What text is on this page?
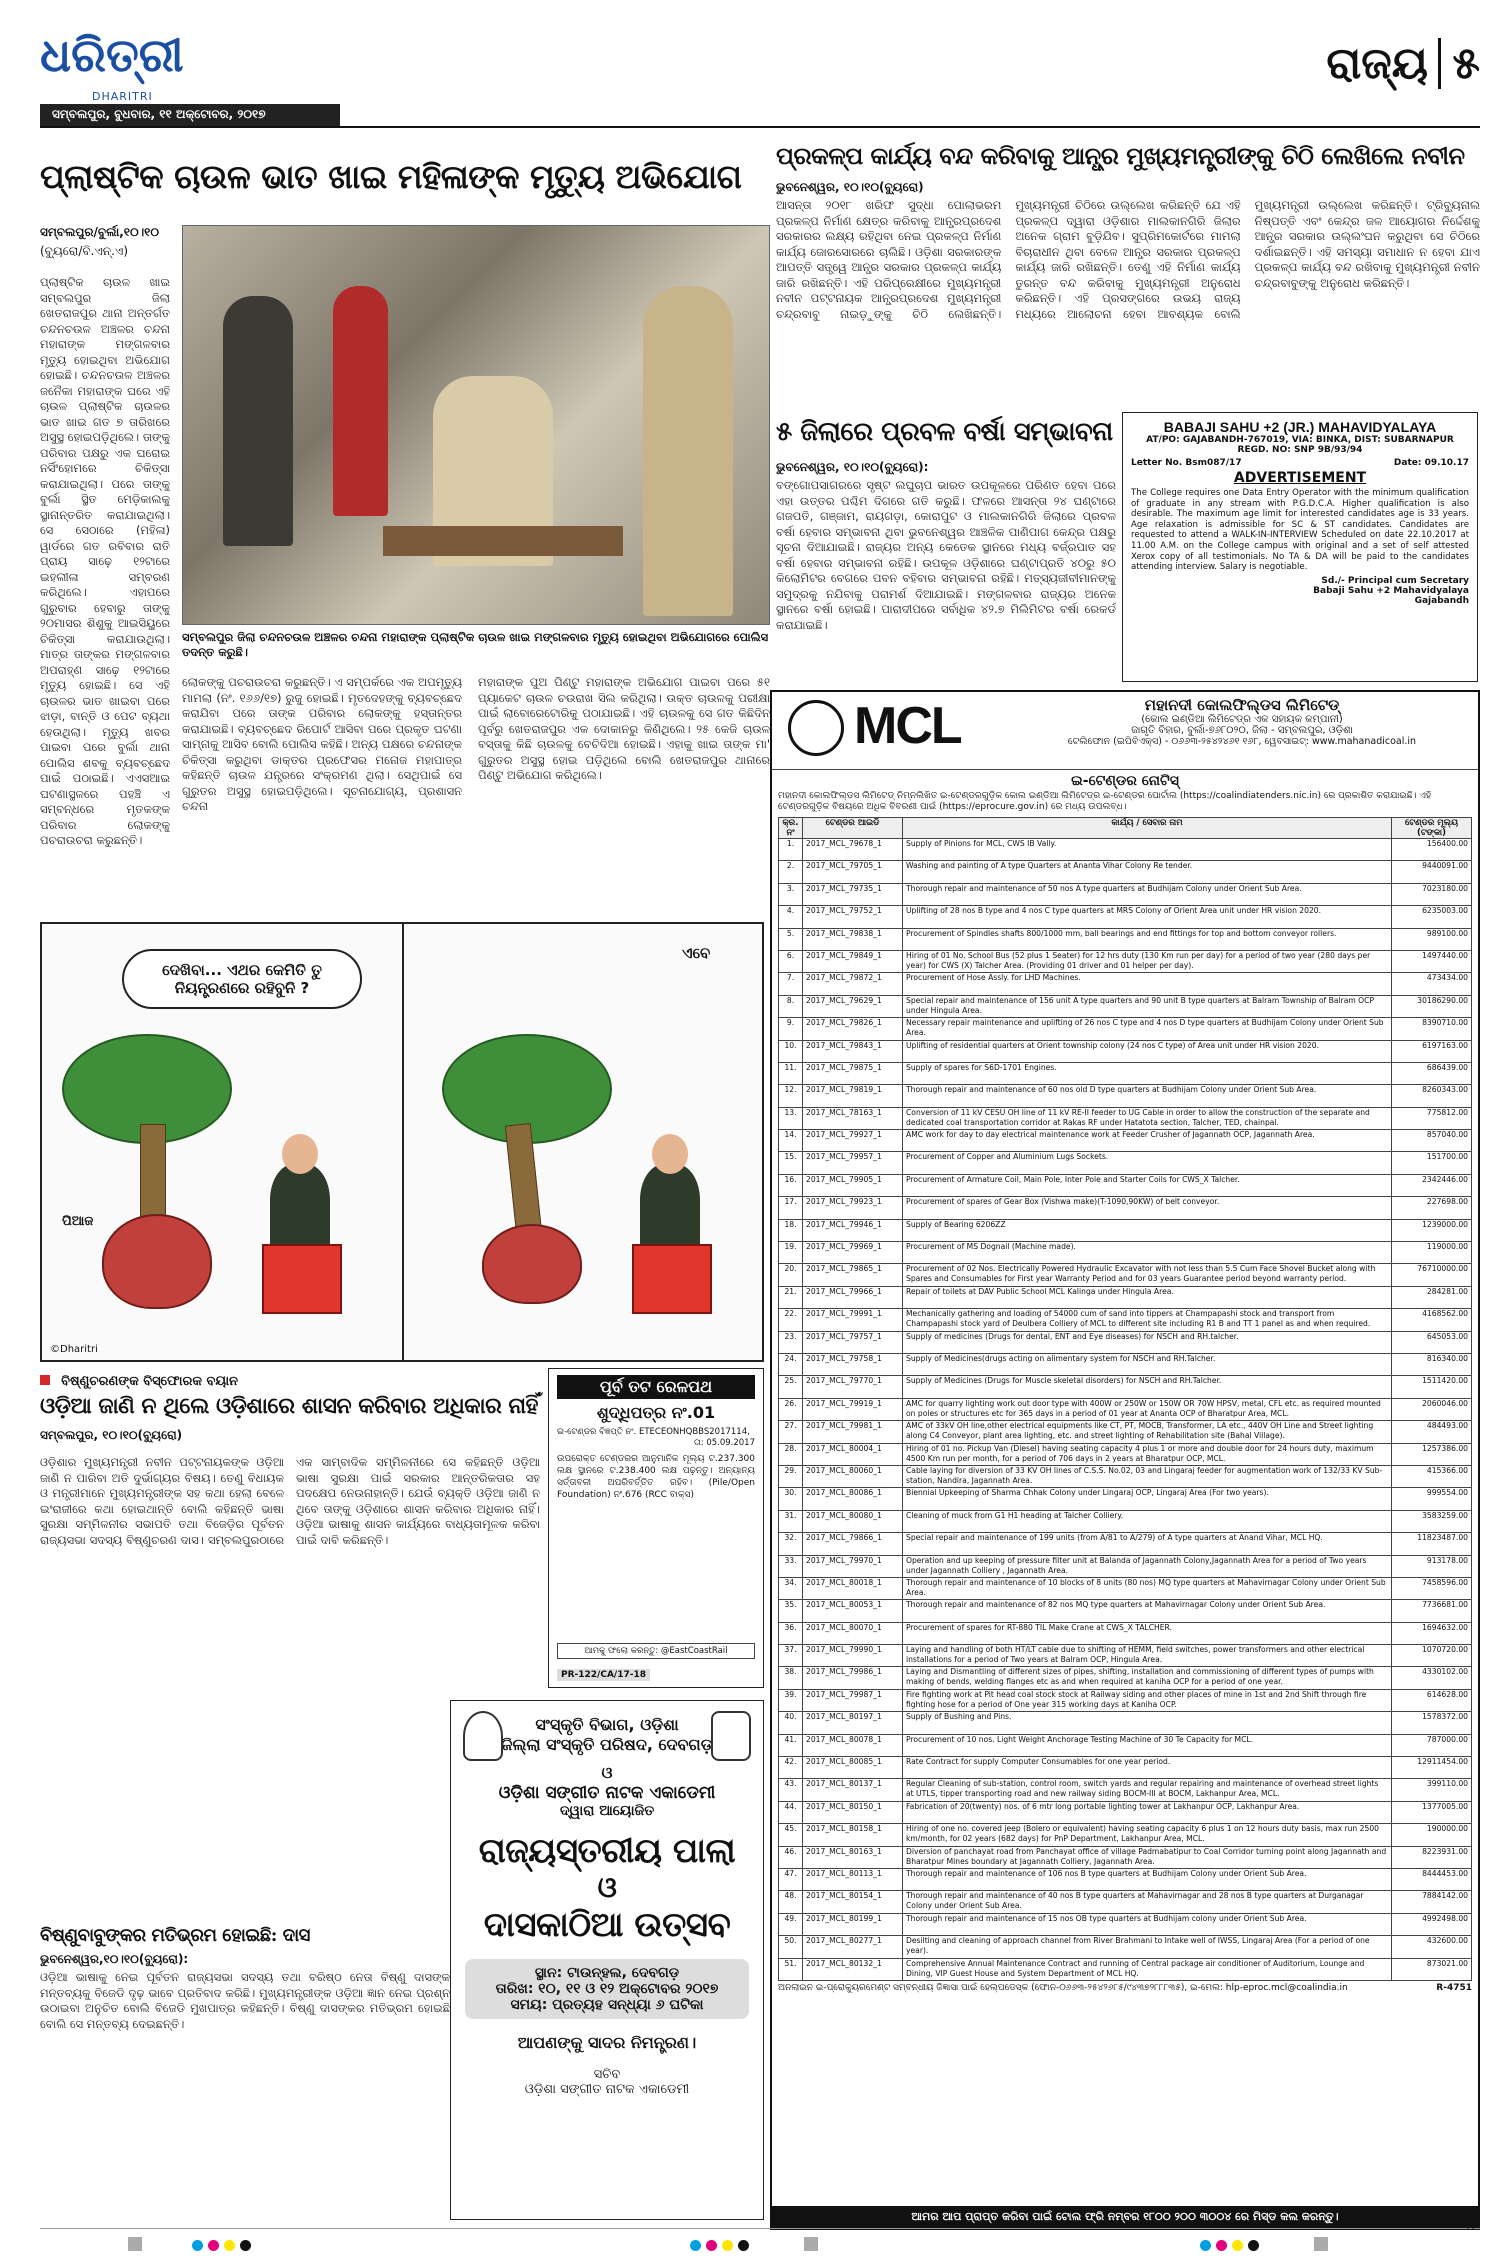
ଧରିତ୍ରୀ
DHARITRI
ସମ୍ବଲପୁର, ବୁଧବାର, ୧୧ ଅକ୍ଟୋବର, ୨୦୧୭
ରାଜ୍ୟ ୫
ପ୍ଲାଷ୍ଟିକ ଚାଉଳ ଭାତ ଖାଇ ମହିଳାଙ୍କ ମୃତ୍ୟୁ ଅଭିଯୋଗ
ସମ୍ବଲପୁର/ବୁର୍ଲା,୧୦।୧୦
(ବ୍ୟୁରୋ/ବି.ଏନ୍.ଏ)
ପ୍ଲାଷ୍ଟିକ ଚାଉଳ ଖାଇ ସମ୍ବଲପୁର ଜିଲା ଖେତରାଜପୁର ଥାନା ଅନ୍ତର୍ଗତ ଚନ୍ଦନଚଉଳ ଅଞ୍ଚଳର ଚନ୍ଦନା ମହାରାଙ୍କ ମଙ୍ଗଳବାର ମୃତ୍ୟୁ ହୋଇଥିବା ଅଭିଯୋଗ ହୋଇଛି। ଚନ୍ଦନଚଉଳ ଅଞ୍ଚଳର ଜନୈକା ମହାରାଙ୍କ ଘରେ ଏହି ଚାଉଳ ପ୍ଲାଷ୍ଟିକ ଚାଉଳର ଭାତ ଖାଇ ଗତ ୭ ତାରିଖରେ ଅସୁସ୍ଥ ହୋଇପଡ଼ିଥିଲେ। ତାଙ୍କୁ ପରିବାର ପକ୍ଷରୁ ଏକ ଘରୋଇ ନର୍ସିଂହୋମରେ ଚିକିତ୍ସା କରାଯାଇଥିଲା। ପରେ ତାଙ୍କୁ ବୁର୍ଲା ସ୍ଥିତ ମେଡ଼ିକାଲକୁ ସ୍ଥାନାନ୍ତରିତ କରାଯାଇଥିଲା। ସେ ସେଠାରେ (ମହିଳା) ୱାର୍ଡରେ ଗତ ରବିବାର ରାତି ପ୍ରାୟ ସାଢ଼େ ୧୨ଟାରେ ଇହଲୀଳା ସମ୍ବରଣ କରିଥିଲେ। ଏହାପରେ ଗୁରୁବାର ହେବାରୁ ତାଙ୍କୁ ୨୦ମାସର ଶିଶୁକୁ ଆଇସିୟୁରେ ଚିକିତ୍ସା କରାଯାଉଥିଲା। ମାତ୍ର ତାଙ୍କର ମଙ୍ଗଳବାର ଅପରାହ୍ଣ ସାଢ଼େ ୧୨ଟାରେ ମୃତ୍ୟୁ ହୋଇଛି। ସେ ଏହି ଚାଉଳର ଭାତ ଖାଇବା ପରେ ଝାଡ଼ା, ବାନ୍ତି ଓ ପେଟ ବ୍ୟଥା ହେଉଥିଲା। ମୃତ୍ୟୁ ଖବର ପାଇବା ପରେ ବୁର୍ଲା ଥାନା ପୋଲିସ ଶବକୁ ବ୍ୟବଚ୍ଛେଦ ପାଇଁ ପଠାଇଛି। ଏଏସଆଇ ଘଟଣାସ୍ଥଳରେ ପହଞ୍ଚି ଏ ସମ୍ବନ୍ଧରେ ମୃତକଙ୍କ ପରିବାର ଲୋକଙ୍କୁ ପଚରାଉଚରା କରୁଛନ୍ତି।
ସମ୍ବଲପୁର ଜିଲା ଚନ୍ଦନଚଉଳ ଅଞ୍ଚଳର ଚନ୍ଦନା ମହାରାଙ୍କ ପ୍ଲାଷ୍ଟିକ ଚାଉଳ ଖାଇ ମଙ୍ଗଳବାର ମୃତ୍ୟୁ ହୋଇଥିବା ଅଭିଯୋଗରେ ପୋଲିସ ତଦନ୍ତ କରୁଛି।
ଲୋକଙ୍କୁ ପଚରାଉଚରା କରୁଛନ୍ତି। ଏ ସମ୍ପର୍କରେ ଏକ ଅପମୃତ୍ୟୁ ମାମଲା (ନଂ. ୧୬୬/୧୭) ରୁଜୁ ହୋଇଛି। ମୃତଦେହଙ୍କୁ ବ୍ୟବଚ୍ଛେଦ କରାଯିବା ପରେ ତାଙ୍କ ପରିବାର ଲୋକଙ୍କୁ ହସ୍ତାନ୍ତର କରାଯାଇଛି। ବ୍ୟବଚ୍ଛେଦ ରିପୋର୍ଟ ଆସିବା ପରେ ପ୍ରକୃତ ଘଟଣା ସାମ୍ନାକୁ ଆସିବ ବୋଲି ପୋଲିସ କହିଛି। ଅନ୍ୟ ପକ୍ଷରେ ଚନ୍ଦନାଙ୍କ ଚିକିତ୍ସା କରୁଥିବା ଡାକ୍ତର ପ୍ରଫେସର ମନୋଜ ମହାପାତ୍ର କହିଛନ୍ତି ଚାଉଳ ଯନ୍ତ୍ରରେ ସଂକ୍ରମଣ ଥିଲା। ସେଥିପାଇଁ ସେ ଗୁରୁତର ଅସୁସ୍ଥ ହୋଇପଡ଼ିଥିଲେ। ସୂଚନାଯୋଗ୍ୟ, ପ୍ରଶାସନ ଚନ୍ଦନା
ମହାରାଙ୍କ ପୁଅ ପିଣ୍ଟୁ ମହାରାଙ୍କ ଅଭିଯୋଗ ପାଇବା ପରେ ୫୧ ପ୍ୟାକେଟ ଚାଉଳ ଚଉରାଖ ସିଲ କରିଥିଲା। ଉକ୍ତ ଚାଉଳକୁ ପରୀକ୍ଷା ପାଇଁ ଲାବୋରେଟୋରିକୁ ପଠାଯାଇଛି। ଏହି ଚାଉଳକୁ ସେ ଗତ କିଛିଦିନ ପୂର୍ବରୁ ଖେତରାଜପୁର ଏକ ଦୋକାନରୁ କିଣିଥିଲେ। ୨୫ କେଜି ଚାଉଳ ବସ୍ତାକୁ କିଛି ଚାଉଳକୁ ବେଚିଦିଆ ହୋଇଛି। ଏହାକୁ ଖାଇ ତାଙ୍କ ମା' ଗୁରୁତର ଅସୁସ୍ଥ ହୋଇ ପଡ଼ିଥିଲେ ବୋଲି ଖେତରାଜପୁର ଥାନାରେ ପିଣ୍ଟୁ ଅଭିଯୋଗ କରିଥିଲେ।
ପ୍ରକଳ୍ପ କାର୍ଯ୍ୟ ବନ୍ଦ କରିବାକୁ ଆନ୍ଧ୍ର ମୁଖ୍ୟମନ୍ତ୍ରୀଙ୍କୁ ଚିଠି ଲେଖିଲେ ନବୀନ
ଭୁବନେଶ୍ୱର, ୧୦।୧୦(ବ୍ୟୁରୋ)
ଆସନ୍ତା ୨୦୧୮ ଖରିଫ ସୁଦ୍ଧା ପୋଲାଭରମ ପ୍ରକଳ୍ପ ନିର୍ମାଣ କ୍ଷେତ୍ର କରିବାକୁ ଆନ୍ଧ୍ରପ୍ରଦେଶ ସରକାରର ଲକ୍ଷ୍ୟ ରହିଥିବା ନେଇ ପ୍ରକଳ୍ପ ନିର୍ମାଣ କାର୍ଯ୍ୟ ଜୋରସୋରରେ ଚାଲିଛି। ଓଡ଼ିଶା ସରକାରଙ୍କ ଆପତ୍ତି ସତ୍ତ୍ୱେ ଆନ୍ଧ୍ର ସରକାର ପ୍ରକଳ୍ପ କାର୍ଯ୍ୟ ଜାରି ରଖିଛନ୍ତି। ଏହି ପରିପ୍ରେକ୍ଷୀରେ ମୁଖ୍ୟମନ୍ତ୍ରୀ ନବୀନ ପଟ୍ଟନାୟକ ଆନ୍ଧ୍ରପ୍ରଦେଶ ମୁଖ୍ୟମନ୍ତ୍ରୀ ଚନ୍ଦ୍ରବାବୁ ନାଇଡ଼ୁଙ୍କୁ ଚିଠି ଲେଖିଛନ୍ତି। ମୁଖ୍ୟମନ୍ତ୍ରୀ ଚିଠିରେ ଉଲ୍ଲେଖ କରିଛନ୍ତି ଯେ ଏହି ପ୍ରକଳ୍ପ ଦ୍ୱାରା ଓଡ଼ିଶାର ମାଲକାନଗିରି ଜିଲାର ଅନେକ ଗ୍ରାମ ବୁଡ଼ିଯିବ। ସୁପ୍ରିମକୋର୍ଟରେ ମାମଲା ବିଚାରାଧୀନ ଥିବା ବେଳେ ଆନ୍ଧ୍ର ସରକାର ପ୍ରକଳ୍ପ କାର୍ଯ୍ୟ ଜାରି ରଖିଛନ୍ତି। ତେଣୁ ଏହି ନିର୍ମାଣ କାର୍ଯ୍ୟ ତୁରନ୍ତ ବନ୍ଦ କରିବାକୁ ମୁଖ୍ୟମନ୍ତ୍ରୀ ଅନୁରୋଧ କରିଛନ୍ତି। ଏହି ପ୍ରସଙ୍ଗରେ ଉଭୟ ରାଜ୍ୟ ମଧ୍ୟରେ ଆଲୋଚନା ହେବା ଆବଶ୍ୟକ ବୋଲି ମୁଖ୍ୟମନ୍ତ୍ରୀ ଉଲ୍ଲେଖ କରିଛନ୍ତି। ଟ୍ରିବ୍ୟୁନାଲ ନିଷ୍ପତ୍ତି ଏବଂ କେନ୍ଦ୍ର ଜଳ ଆୟୋଗର ନିର୍ଦ୍ଦେଶକୁ ଆନ୍ଧ୍ର ସରକାର ଉଲ୍ଲଂଘନ କରୁଥିବା ସେ ଚିଠିରେ ଦର୍ଶାଇଛନ୍ତି। ଏହି ସମସ୍ୟା ସମାଧାନ ନ ହେବା ଯାଏ ପ୍ରକଳ୍ପ କାର୍ଯ୍ୟ ବନ୍ଦ ରଖିବାକୁ ମୁଖ୍ୟମନ୍ତ୍ରୀ ନବୀନ ଚନ୍ଦ୍ରବାବୁଙ୍କୁ ଅନୁରୋଧ କରିଛନ୍ତି।
୫ ଜିଲାରେ ପ୍ରବଳ ବର୍ଷା ସମ୍ଭାବନା
ଭୁବନେଶ୍ୱର, ୧୦।୧୦(ବ୍ୟୁରୋ):
ବଙ୍ଗୋପସାଗରରେ ସୃଷ୍ଟ ଲଘୁଚାପ ଭାରତ ଉପକୂଳରେ ପରିଣତ ହେବା ପରେ ଏହା ଉତ୍ତର ପଶ୍ଚିମ ଦିଗରେ ଗତି କରୁଛି। ଫଳରେ ଆସନ୍ତା ୨୪ ଘଣ୍ଟାରେ ଗଜପତି, ଗଞ୍ଜାମ, ରାୟଗଡ଼ା, କୋରାପୁଟ ଓ ମାଲକାନଗିରି ଜିଲାରେ ପ୍ରବଳ ବର୍ଷା ହେବାର ସମ୍ଭାବନା ଥିବା ଭୁବନେଶ୍ୱର ଆଞ୍ଚଳିକ ପାଣିପାଗ କେନ୍ଦ୍ର ପକ୍ଷରୁ ସୂଚନା ଦିଆଯାଇଛି। ରାଜ୍ୟର ଅନ୍ୟ କେତେକ ସ୍ଥାନରେ ମଧ୍ୟ ବର୍ଜ୍ରପାତ ସହ ବର୍ଷା ହେବାର ସମ୍ଭାବନା ରହିଛି। ଉପକୂଳ ଓଡ଼ିଶାରେ ଘଣ୍ଟାପ୍ରତି ୪୦ରୁ ୫୦ କିଲୋମିଟର ବେଗରେ ପବନ ବହିବାର ସମ୍ଭାବନା ରହିଛି। ମତ୍ସ୍ୟଜୀବୀମାନଙ୍କୁ ସମୁଦ୍ରକୁ ନଯିବାକୁ ପରାମର୍ଶ ଦିଆଯାଇଛି। ମଙ୍ଗଳବାର ରାଜ୍ୟର ଅନେକ ସ୍ଥାନରେ ବର୍ଷା ହୋଇଛି। ପାରାଦୀପରେ ସର୍ବାଧିକ ୪୨.୭ ମିଲିମିଟର ବର୍ଷା ରେକର୍ଡ କରାଯାଇଛି।
BABAJI SAHU +2 (JR.) MAHAVIDYALAYA
AT/PO: GAJABANDH-767019, VIA: BINKA, DIST: SUBARNAPUR
REGD. NO: SNP 9B/93/94
Letter No. Bsm087/17	Date: 09.10.17
ADVERTISEMENT
The College requires one Data Entry Operator with the minimum qualification of graduate in any stream with P.G.D.C.A. Higher qualification is also desirable. The maximum age limit for interested candidates age is 33 years. Age relaxation is admissible for SC & ST candidates. Candidates are requested to attend a WALK-IN-INTERVIEW Scheduled on date 22.10.2017 at 11.00 A.M. on the College campus with original and a set of self attested Xerox copy of all testimonials. No TA & DA will be paid to the candidates attending interview. Salary is negotiable.
Sd./- Principal cum Secretary
Babaji Sahu +2 Mahavidyalaya
Gajabandh
MCL	ମହାନଦୀ କୋଲଫିଲ୍ଡସ ଲିମିଟେଡ୍
(କୋଲ ଇଣ୍ଡିଆ ଲିମିଟେଡ୍‌ର ଏକ ସହାୟକ କମ୍ପାନୀ)
ଜାଗୃତି ବିହାର, ବୁର୍ଲା-୭୬୮୦୨୦, ଜିଲା - ସମ୍ବଲପୁର, ଓଡ଼ିଶା
ଟେଲିଫୋନ (ଇପିବିଏକ୍ସ) - ୦୬୬୩-୨୫୪୨୪୬୧ ୧୬୮, ୱେବସାଇଟ୍: www.mahanadicoal.in
ଇ-ଟେଣ୍ଡର ନୋଟିସ୍
ମହାନଦୀ କୋଲଫିଲ୍ଡସ ଲିମିଟେଡ୍ ନିମ୍ନଲିଖିତ ଇ-ଟେଣ୍ଡରଗୁଡ଼ିକ କୋଲ ଇଣ୍ଡିଆ ଲିମିଟେଡ୍‌ର ଇ-ଟେଣ୍ଡର ପୋର୍ଟାଲ (https://coalindiatenders.nic.in) ରେ ପ୍ରକାଶିତ କରାଯାଇଛି। ଏହି ଟେଣ୍ଡରଗୁଡ଼ିକ ବିଷୟରେ ଅଧିକ ବିବରଣୀ ପାଇଁ (https://eprocure.gov.in) ରେ ମଧ୍ୟ ଉପଲବ୍ଧ।
କ୍ର. ନଂ	ଟେଣ୍ଡର ଆଇଡି	କାର୍ଯ୍ୟ / ସେବାର ନାମ	ଟେଣ୍ଡର ମୂଲ୍ୟ (ଟଙ୍କା)
1.	2017_MCL_79678_1	Supply of Pinions for MCL, CWS IB Vally.	156400.00
2.	2017_MCL_79705_1	Washing and painting of A type Quarters at Ananta Vihar Colony Re tender.	9440091.00
3.	2017_MCL_79735_1	Thorough repair and maintenance of 50 nos A type quarters at Budhijam Colony under Orient Sub Area.	7023180.00
4.	2017_MCL_79752_1	Uplifting of 28 nos B type and 4 nos C type quarters at MRS Colony of Orient Area unit under HR vision 2020.	6235003.00
5.	2017_MCL_79838_1	Procurement of Spindles shafts 800/1000 mm, ball bearings and end fittings for top and bottom conveyor rollers.	989100.00
6.	2017_MCL_79849_1	Hiring of 01 No. School Bus (52 plus 1 Seater) for 12 hrs duty (130 Km run per day) for a period of two year (280 days per year) for CWS (X) Talcher Area. (Providing 01 driver and 01 helper per day).	1497440.00
7.	2017_MCL_79872_1	Procurement of Hose Assly. for LHD Machines.	473434.00
8.	2017_MCL_79629_1	Special repair and maintenance of 156 unit A type quarters and 90 unit B type quarters at Balram Township of Balram OCP under Hingula Area.	30186290.00
9.	2017_MCL_79826_1	Necessary repair maintenance and uplifting of 26 nos C type and 4 nos D type quarters at Budhijam Colony under Orient Sub Area.	8390710.00
10.	2017_MCL_79843_1	Uplifting of residential quarters at Orient township colony (24 nos C type) of Area unit under HR vision 2020.	6197163.00
11.	2017_MCL_79875_1	Supply of spares for S6D-1701 Engines.	686439.00
12.	2017_MCL_79819_1	Thorough repair and maintenance of 60 nos old D type quarters at Budhijam Colony under Orient Sub Area.	8260343.00
13.	2017_MCL_78163_1	Conversion of 11 kV CESU OH line of 11 kV RE-II feeder to UG Cable in order to allow the construction of the separate and dedicated coal transportation corridor at Rakas RF under Hatatota section, Talcher, TED, chainpal.	775812.00
14.	2017_MCL_79927_1	AMC work for day to day electrical maintenance work at Feeder Crusher of Jagannath OCP, Jagannath Area.	857040.00
15.	2017_MCL_79957_1	Procurement of Copper and Aluminium Lugs Sockets.	151700.00
16.	2017_MCL_79905_1	Procurement of Armature Coil, Main Pole, Inter Pole and Starter Coils for CWS_X Talcher.	2342446.00
17.	2017_MCL_79923_1	Procurement of spares of Gear Box (Vishwa make)(T-1090,90KW) of belt conveyor.	227698.00
18.	2017_MCL_79946_1	Supply of Bearing 6206ZZ	1239000.00
19.	2017_MCL_79969_1	Procurement of MS Dognail (Machine made).	119000.00
20.	2017_MCL_79865_1	Procurement of 02 Nos. Electrically Powered Hydraulic Excavator with not less than 5.5 Cum Face Shovel Bucket along with Spares and Consumables for First year Warranty Period and for 03 years Guarantee period beyond warranty period.	76710000.00
21.	2017_MCL_79966_1	Repair of toilets at DAV Public School MCL Kalinga under Hingula Area.	284281.00
22.	2017_MCL_79991_1	Mechanically gathering and loading of 54000 cum of sand into tippers at Champapashi stock and transport from Champapashi stock yard of Deulbera Colliery of MCL to different site including R1 B and TT 1 panel as and when required.	4168562.00
23.	2017_MCL_79757_1	Supply of medicines (Drugs for dental, ENT and Eye diseases) for NSCH and RH.talcher.	645053.00
24.	2017_MCL_79758_1	Supply of Medicines(drugs acting on alimentary system for NSCH and RH.Talcher.	816340.00
25.	2017_MCL_79770_1	Supply of Medicines (Drugs for Muscle skeletal disorders) for NSCH and RH.Talcher.	1511420.00
26.	2017_MCL_79919_1	AMC for quarry lighting work out door type with 400W or 250W or 150W OR 70W HPSV, metal, CFL etc. as required mounted on poles or structures etc for 365 days in a period of 01 year at Ananta OCP of Bharatpur Area, MCL.	2060046.00
27.	2017_MCL_79981_1	AMC of 33kV OH line,other electrical equipments like CT, PT, MOCB, Transformer, LA etc., 440V OH Line and Street lighting along C4 Conveyor, plant area lighting, etc. and street lighting of Rehabilitation site (Bahal Village).	484493.00
28.	2017_MCL_80004_1	Hiring of 01 no. Pickup Van (Diesel) having seating capacity 4 plus 1 or more and double door for 24 hours duty, maximum 4500 Km run per month, for a period of 706 days in 2 years at Bharatpur OCP, MCL.	1257386.00
29.	2017_MCL_80060_1	Cable laying for diversion of 33 KV OH lines of C.S.S. No.02, 03 and Lingaraj feeder for augmentation work of 132/33 KV Sub-station, Nandira, Jagannath Area.	415366.00
30.	2017_MCL_80086_1	Biennial Upkeeping of Sharma Chhak Colony under Lingaraj OCP, Lingaraj Area (For two years).	999554.00
31.	2017_MCL_80080_1	Cleaning of muck from G1 H1 heading at Talcher Colliery.	3583259.00
32.	2017_MCL_79866_1	Special repair and maintenance of 199 units (from A/81 to A/279) of A type quarters at Anand Vihar, MCL HQ.	11823487.00
33.	2017_MCL_79970_1	Operation and up keeping of pressure filter unit at Balanda of Jagannath Colony,Jagannath Area for a period of Two years under Jagannath Colliery , Jagannath Area.	913178.00
34.	2017_MCL_80018_1	Thorough repair and maintenance of 10 blocks of 8 units (80 nos) MQ type quarters at Mahavirnagar Colony under Orient Sub Area.	7458596.00
35.	2017_MCL_80053_1	Thorough repair and maintenance of 82 nos MQ type quarters at Mahavirnagar Colony under Orient Sub Area.	7736681.00
36.	2017_MCL_80070_1	Procurement of spares for RT-880 TIL Make Crane at CWS_X TALCHER.	1694632.00
37.	2017_MCL_79990_1	Laying and handling of both HT/LT cable due to shifting of HEMM, field switches, power transformers and other electrical installations for a period of Two years at Balram OCP, Hingula Area.	1070720.00
38.	2017_MCL_79986_1	Laying and Dismantling of different sizes of pipes, shifting, installation and commissioning of different types of pumps with making of bends, welding flanges etc as and when required at kaniha OCP for a period of one year.	4330102.00
39.	2017_MCL_79987_1	Fire fighting work at Pit head coal stock stock at Railway siding and other places of mine in 1st and 2nd Shift through fire fighting hose for a period of One year 315 working days at Kaniha OCP.	614628.00
40.	2017_MCL_80197_1	Supply of Bushing and Pins.	1578372.00
41.	2017_MCL_80078_1	Procurement of 10 nos. Light Weight Anchorage Testing Machine of 30 Te Capacity for MCL.	787000.00
42.	2017_MCL_80085_1	Rate Contract for supply Computer Consumables for one year period.	12911454.00
43.	2017_MCL_80137_1	Regular Cleaning of sub-station, control room, switch yards and regular repairing and maintenance of overhead street lights at UTLS, tipper transporting road and new railway siding BOCM-III at BOCM, Lakhanpur Area, MCL.	399110.00
44.	2017_MCL_80150_1	Fabrication of 20(twenty) nos. of 6 mtr long portable lighting tower at Lakhanpur OCP, Lakhanpur Area.	1377005.00
45.	2017_MCL_80158_1	Hiring of one no. covered jeep (Bolero or equivalent) having seating capacity 6 plus 1 on 12 hours duty basis, max run 2500 km/month, for 02 years (682 days) for PnP Department, Lakhanpur Area, MCL.	190000.00
46.	2017_MCL_80163_1	Diversion of panchayat road from Panchayat office of village Padmabatipur to Coal Corridor turning point along Jagannath and Bharatpur Mines boundary at Jagannath Colliery, Jagannath Area.	8223931.00
47.	2017_MCL_80113_1	Thorough repair and maintenance of 106 nos B type quarters at Budhijam Colony under Orient Sub Area.	8444453.00
48.	2017_MCL_80154_1	Thorough repair and maintenance of 40 nos B type quarters at Mahavirnagar and 28 nos B type quarters at Durganagar Colony under Orient Sub Area.	7884142.00
49.	2017_MCL_80199_1	Thorough repair and maintenance of 15 nos OB type quarters at Budhijam colony under Orient Sub Area.	4992498.00
50.	2017_MCL_80277_1	Desilting and cleaning of approach channel from River Brahmani to Intake well of IWSS, Lingaraj Area (For a period of one year).	432600.00
51.	2017_MCL_80132_1	Comprehensive Annual Maintenance Contract and running of Central package air conditioner of Auditorium, Lounge and Dining, VIP Guest House and System Department of MCL HQ.	873021.00
ଅନଲାଇନ ଇ-ପ୍ରୋକ୍ୟୁରମେଣ୍ଟ ସମ୍ବନ୍ଧୀୟ ଜିଜ୍ଞାସା ପାଇଁ ହେଲ୍ପଡେସ୍କ (ଫୋନ-୦୬୬୩-୨୫୪୨୬୮୫/୯୪୩୭୨୮୮୮୩୫), ଇ-ମେଲ: hlp-eproc.mcl@coalindia.in	R-4751
ଆମର ଆପ ପ୍ରାପ୍ତ କରିବା ପାଇଁ ଟୋଲ ଫ୍ରି ନମ୍ବର ୧୮୦୦ ୨୦୦ ୩୦୦୪ ରେ ମିସ୍‌ଡ କଲ କରନ୍ତୁ।
ଦେଖିବା... ଏଥର କେମିତି ତୁ ନିୟନ୍ତ୍ରଣରେ ରହିବୁନି ?
ଏବେ
ପିଆଜ
©Dharitri
ବିଷ୍ଣୁଚରଣଙ୍କ ବିସ୍ଫୋରକ ବୟାନ
ଓଡ଼ିଆ ଜାଣି ନ ଥିଲେ ଓଡ଼ିଶାରେ ଶାସନ କରିବାର ଅଧିକାର ନାହିଁ
ସମ୍ବଲପୁର, ୧୦।୧୦(ବ୍ୟୁରୋ)
ଓଡ଼ିଶାର ମୁଖ୍ୟମନ୍ତ୍ରୀ ନବୀନ ପଟ୍ଟନାୟକଙ୍କ ଓଡ଼ିଆ ଜାଣି ନ ପାରିବା ଅତି ଦୁର୍ଭାଗ୍ୟର ବିଷୟ। ତେଣୁ ବିଧାୟକ ଓ ମନ୍ତ୍ରୀମାନେ ମୁଖ୍ୟମନ୍ତ୍ରୀଙ୍କ ସହ କଥା ହେଲା ବେଳେ ଇଂରାଜୀରେ କଥା ହୋଇଥାନ୍ତି ବୋଲି କହିଛନ୍ତି ଭାଷା ସୁରକ୍ଷା ସମ୍ମିଳନୀର ସଭାପତି ତଥା ବିଜେଡ଼ିର ପୂର୍ବତନ ରାଜ୍ୟସଭା ସଦସ୍ୟ ବିଷ୍ଣୁଚରଣ ଦାସ। ସମ୍ବଲପୁରଠାରେ ଏକ ସାମ୍ବାଦିକ ସମ୍ମିଳନୀରେ ସେ କହିଛନ୍ତି ଓଡ଼ିଆ ଭାଷା ସୁରକ୍ଷା ପାଇଁ ସରକାର ଆନ୍ତରିକତାର ସହ ପଦକ୍ଷେପ ନେଉନାହାନ୍ତି। ଯେଉଁ ବ୍ୟକ୍ତି ଓଡ଼ିଆ ଜାଣି ନ ଥିବେ ତାଙ୍କୁ ଓଡ଼ିଶାରେ ଶାସନ କରିବାର ଅଧିକାର ନାହିଁ। ଓଡ଼ିଆ ଭାଷାକୁ ଶାସନ କାର୍ଯ୍ୟରେ ବାଧ୍ୟତାମୂଳକ କରିବା ପାଇଁ ଦାବି କରିଛନ୍ତି।
ବିଷ୍ଣୁବାବୁଙ୍କର ମତିଭ୍ରମ ହୋଇଛି: ଦାସ
ଭୁବନେଶ୍ୱର,୧୦।୧୦(ବ୍ୟୁରୋ):
ଓଡ଼ିଆ ଭାଷାକୁ ନେଇ ପୂର୍ବତନ ରାଜ୍ୟସଭା ସଦସ୍ୟ ତଥା ବରିଷ୍ଠ ନେତା ବିଷ୍ଣୁ ଦାସଙ୍କ ମନ୍ତବ୍ୟକୁ ବିଜେଡି ଦୃଢ଼ ଭାବେ ପ୍ରତିବାଦ କରିଛି। ମୁଖ୍ୟମନ୍ତ୍ରୀଙ୍କ ଓଡ଼ିଆ ଜ୍ଞାନ ନେଇ ପ୍ରଶ୍ନ ଉଠାଇବା ଅନୁଚିତ ବୋଲି ବିଜେଡି ମୁଖପାତ୍ର କହିଛନ୍ତି। ବିଷ୍ଣୁ ଦାସଙ୍କର ମତିଭ୍ରମ ହୋଇଛି ବୋଲି ସେ ମନ୍ତବ୍ୟ ଦେଇଛନ୍ତି।
ପୂର୍ବ ତଟ ରେଳପଥ
ଶୁଦ୍ଧିପତ୍ର ନଂ.01
ଇ-ଟେଣ୍ଡର ବିଜ୍ଞପ୍ତି ନଂ. ETECEONHQBBS2017114,
ତା: 05.09.2017
ଉପରୋକ୍ତ ଟେଣ୍ଡରର ଆନୁମାନିକ ମୂଲ୍ୟ ଟ.237.300 ଲକ୍ଷ ସ୍ଥାନରେ ଟ.238.400 ଲକ୍ଷ ପଢ଼ନ୍ତୁ। ଅନ୍ୟାନ୍ୟ ସର୍ତ୍ତାବଳୀ ଅପରିବର୍ତ୍ତିତ ରହିବ। (Pile/Open Foundation) ନଂ.676 (RCC ବାକ୍ସ)
ଆମକୁ ଫଲୋ କରନ୍ତୁ: @EastCoastRail
PR-122/CA/17-18
ସଂସ୍କୃତି ବିଭାଗ, ଓଡ଼ିଶା
ଜିଲ୍ଲା ସଂସ୍କୃତି ପରିଷଦ, ଦେବଗଡ଼
ଓ
ଓଡ଼ିଶା ସଙ୍ଗୀତ ନାଟକ ଏକାଡେମୀ
ଦ୍ୱାରା ଆୟୋଜିତ
ରାଜ୍ୟସ୍ତରୀୟ ପାଲା
ଓ
ଦାସକାଠିଆ ଉତ୍ସବ
ସ୍ଥାନ: ଟାଉନ୍‌ହଲ, ଦେବଗଡ଼
ତାରିଖ: ୧୦, ୧୧ ଓ ୧୨ ଅକ୍ଟୋବର ୨୦୧୭
ସମୟ: ପ୍ରତ୍ୟହ ସନ୍ଧ୍ୟା ୬ ଘଟିକା
ଆପଣଙ୍କୁ ସାଦର ନିମନ୍ତ୍ରଣ।
ସଚିବ
ଓଡ଼ିଶା ସଙ୍ଗୀତ ନାଟକ ଏକାଡେମୀ
୨୮
